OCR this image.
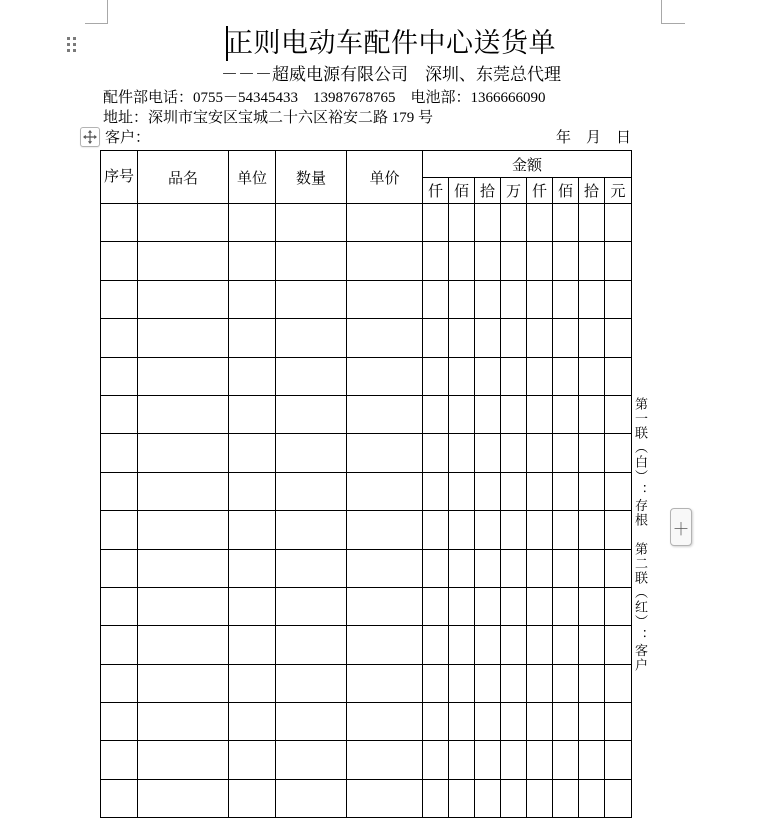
正则电动车配件中心送货单
－－－超威电源有限公司　深圳、东莞总代理
配件部电话：0755－54345433　13987678765　电池部：1366666090
地址：深圳市宝安区宝城二十六区裕安二路 179 号
客户：	年　月　日
序号	品名	单位	数量	单价	金额							
					仟	佰	拾	万	仟	佰	拾	元

第一联（白）：存根　第二联（红）：客户 ＋
